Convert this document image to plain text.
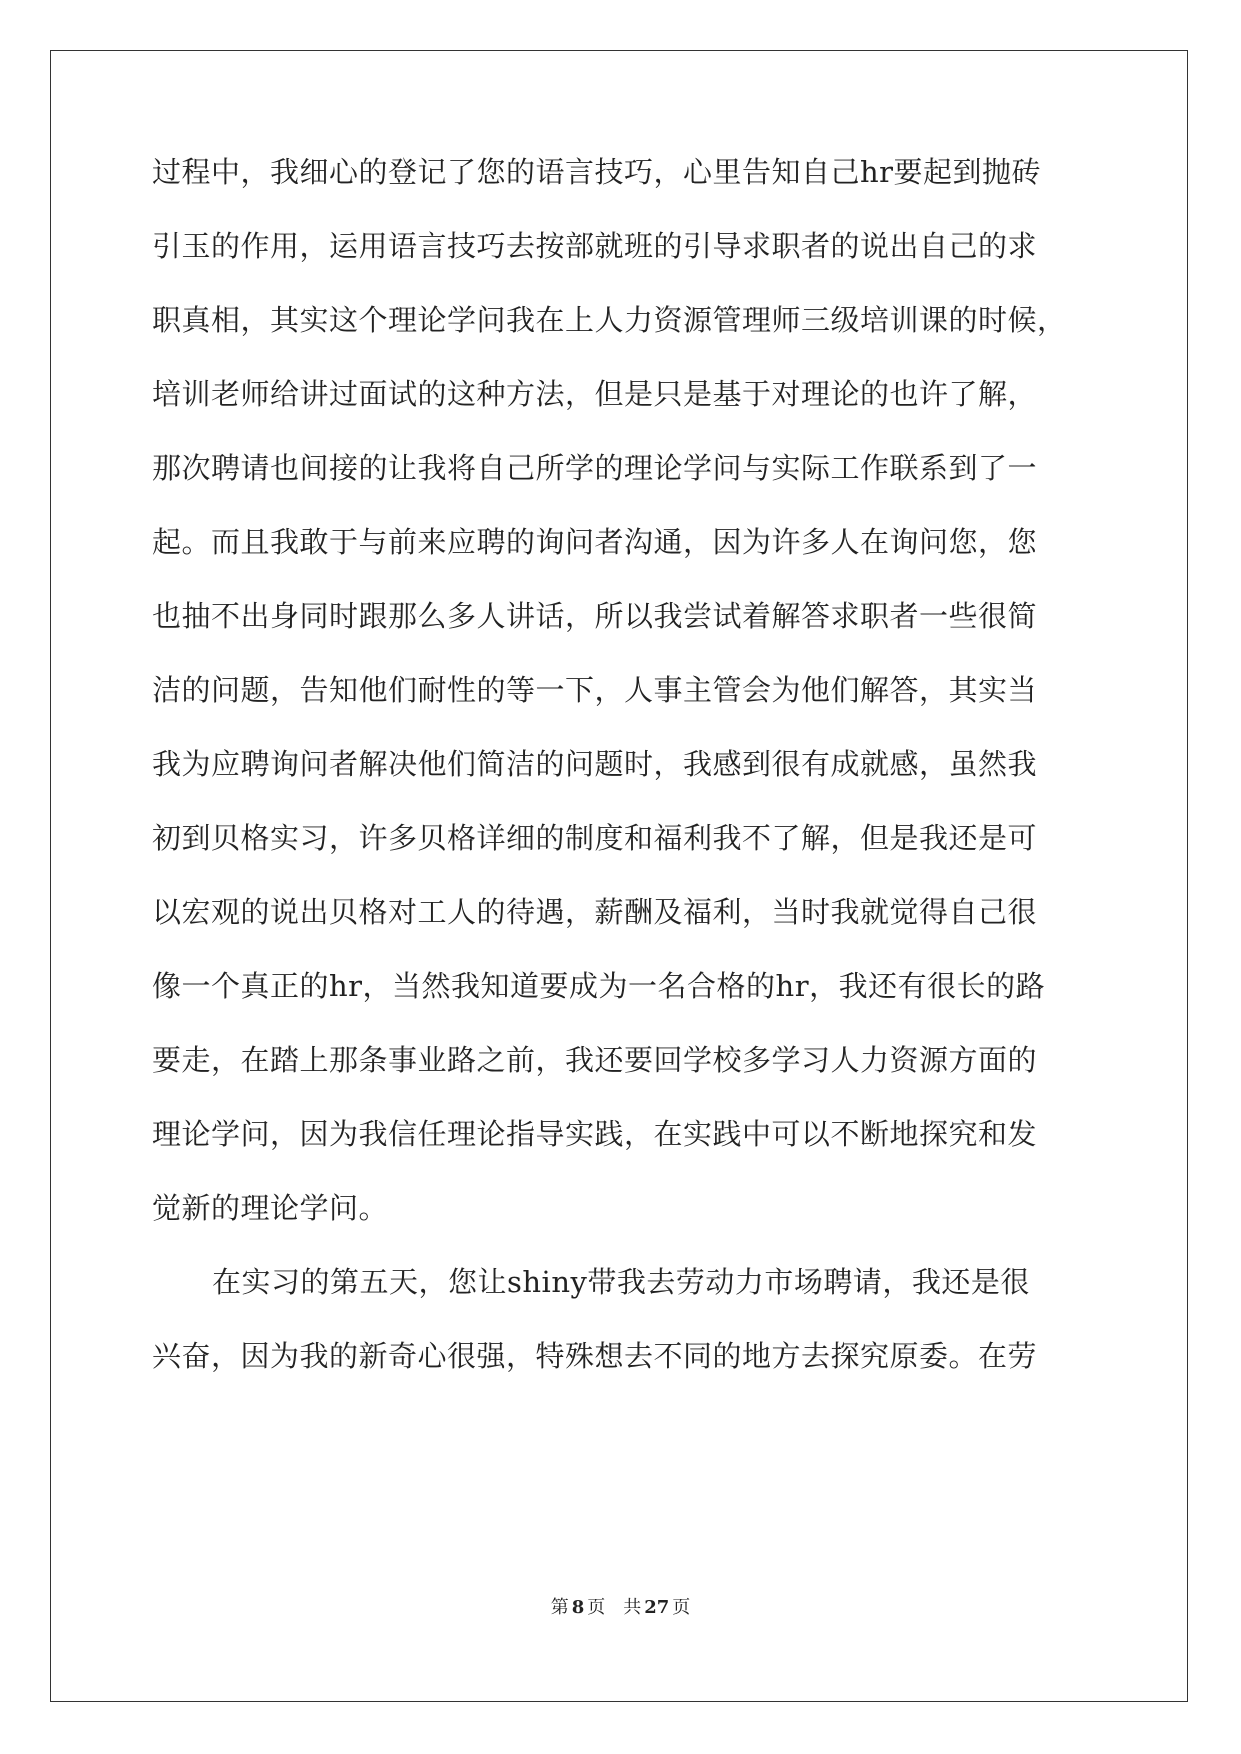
过程中，我细心的登记了您的语言技巧，心里告知自己hr要起到抛砖
引玉的作用，运用语言技巧去按部就班的引导求职者的说出自己的求
职真相，其实这个理论学问我在上人力资源管理师三级培训课的时候，
培训老师给讲过面试的这种方法，但是只是基于对理论的也许了解，
那次聘请也间接的让我将自己所学的理论学问与实际工作联系到了一
起。而且我敢于与前来应聘的询问者沟通，因为许多人在询问您，您
也抽不出身同时跟那么多人讲话，所以我尝试着解答求职者一些很简
洁的问题，告知他们耐性的等一下，人事主管会为他们解答，其实当
我为应聘询问者解决他们简洁的问题时，我感到很有成就感，虽然我
初到贝格实习，许多贝格详细的制度和福利我不了解，但是我还是可
以宏观的说出贝格对工人的待遇，薪酬及福利，当时我就觉得自己很
像一个真正的hr，当然我知道要成为一名合格的hr，我还有很长的路
要走，在踏上那条事业路之前，我还要回学校多学习人力资源方面的
理论学问，因为我信任理论指导实践，在实践中可以不断地探究和发
觉新的理论学问。
在实习的第五天，您让shiny带我去劳动力市场聘请，我还是很
兴奋，因为我的新奇心很强，特殊想去不同的地方去探究原委。在劳
第 8 页 共 27 页
